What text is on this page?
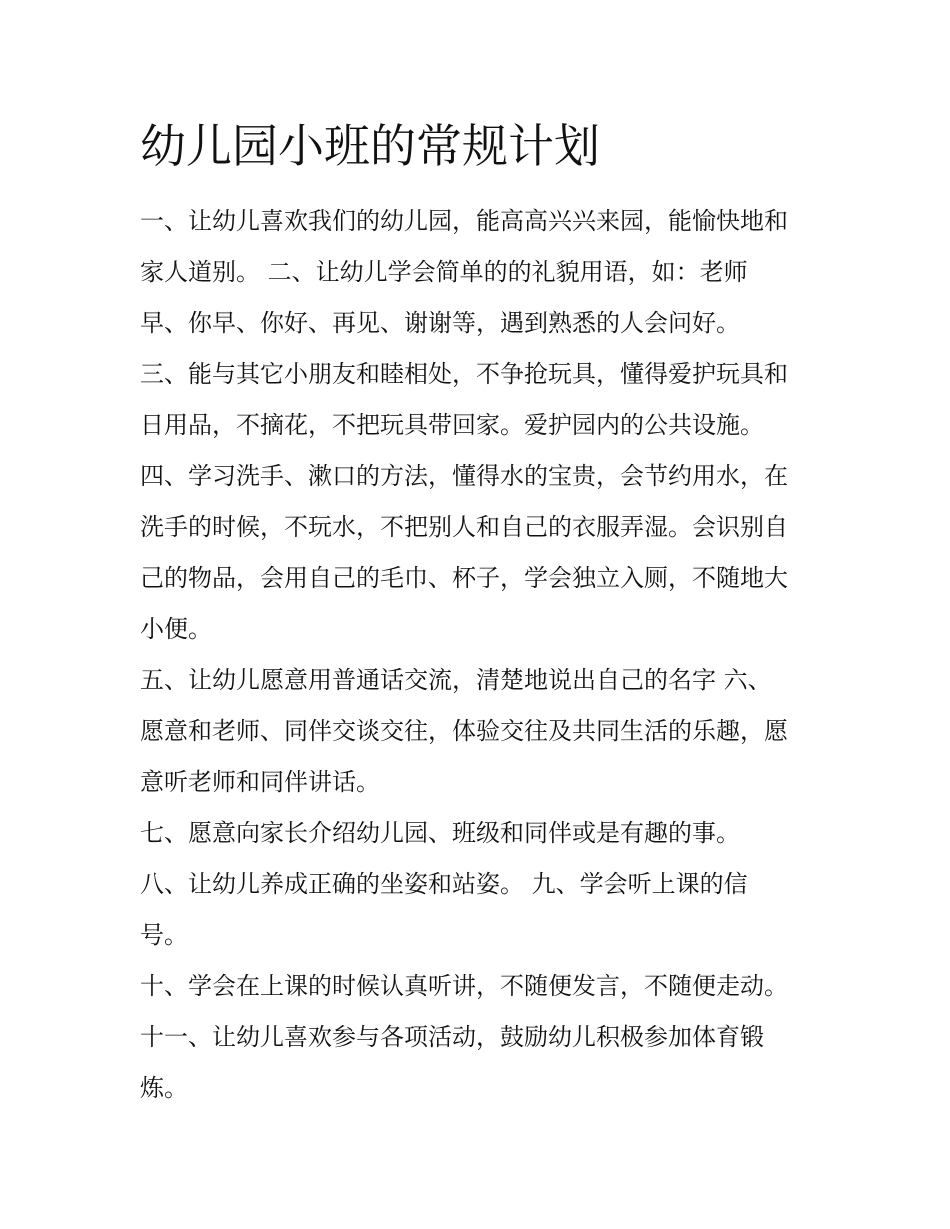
幼儿园小班的常规计划

一、让幼儿喜欢我们的幼儿园，能高高兴兴来园，能愉快地和

家人道别。 二、让幼儿学会简单的的礼貌用语，如：老师

早、你早、你好、再见、谢谢等，遇到熟悉的人会问好。

三、能与其它小朋友和睦相处，不争抢玩具，懂得爱护玩具和

日用品，不摘花，不把玩具带回家。爱护园内的公共设施。

四、学习洗手、漱口的方法，懂得水的宝贵，会节约用水，在

洗手的时候，不玩水，不把别人和自己的衣服弄湿。会识别自

己的物品，会用自己的毛巾、杯子，学会独立入厕，不随地大

小便。

五、让幼儿愿意用普通话交流，清楚地说出自己的名字 六、

愿意和老师、同伴交谈交往，体验交往及共同生活的乐趣，愿

意听老师和同伴讲话。

七、愿意向家长介绍幼儿园、班级和同伴或是有趣的事。

八、让幼儿养成正确的坐姿和站姿。 九、学会听上课的信

号。

十、学会在上课的时候认真听讲，不随便发言，不随便走动。

十一、让幼儿喜欢参与各项活动，鼓励幼儿积极参加体育锻

炼。
